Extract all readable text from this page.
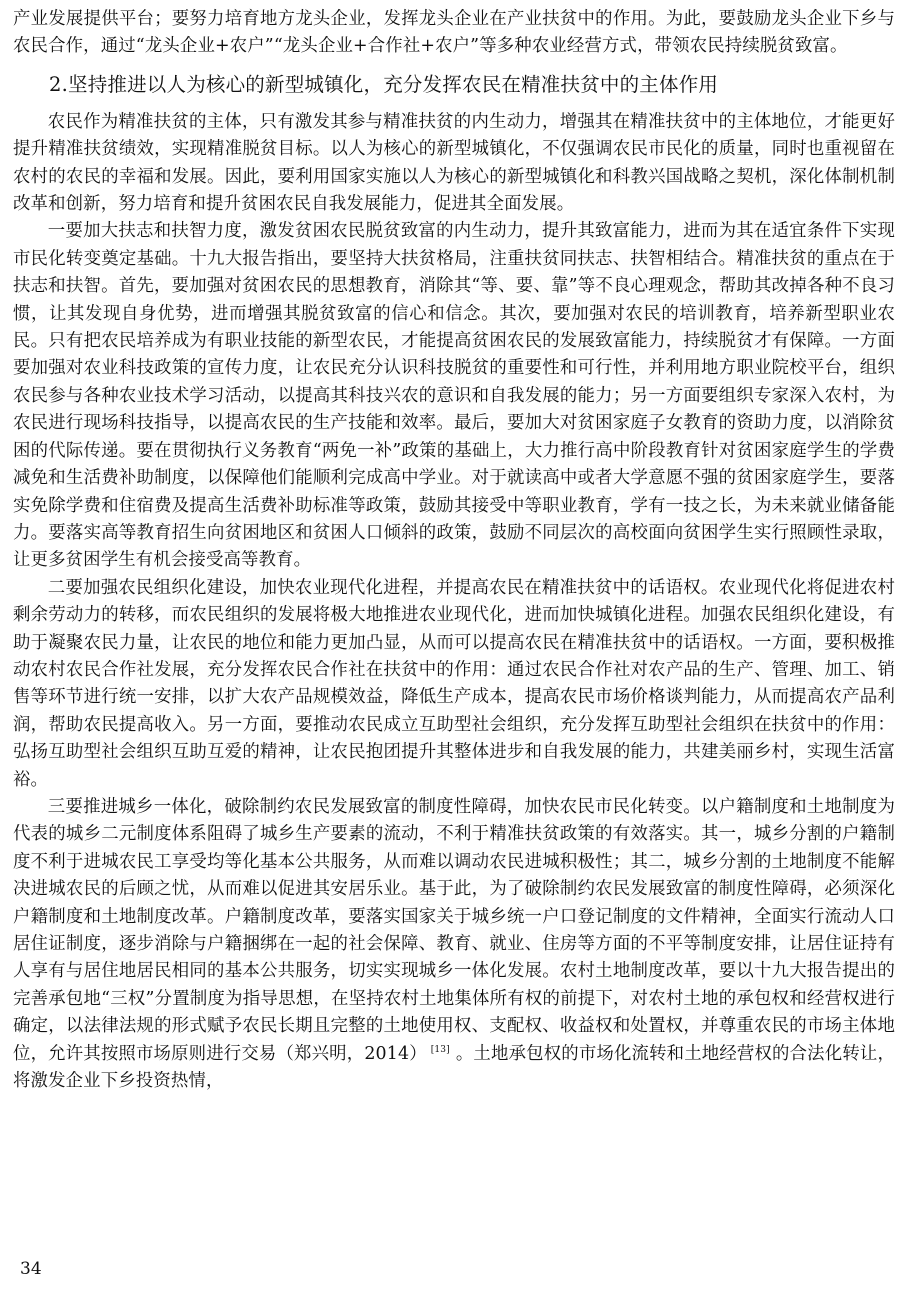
产业发展提供平台；要努力培育地方龙头企业，发挥龙头企业在产业扶贫中的作用。为此，要鼓励龙头企业下乡与农民合作，通过“龙头企业+农户”“龙头企业+合作社+农户”等多种农业经营方式，带领农民持续脱贫致富。

2.坚持推进以人为核心的新型城镇化，充分发挥农民在精准扶贫中的主体作用

农民作为精准扶贫的主体，只有激发其参与精准扶贫的内生动力，增强其在精准扶贫中的主体地位，才能更好提升精准扶贫绩效，实现精准脱贫目标。以人为核心的新型城镇化，不仅强调农民市民化的质量，同时也重视留在农村的农民的幸福和发展。因此，要利用国家实施以人为核心的新型城镇化和科教兴国战略之契机，深化体制机制改革和创新，努力培育和提升贫困农民自我发展能力，促进其全面发展。

一要加大扶志和扶智力度，激发贫困农民脱贫致富的内生动力，提升其致富能力，进而为其在适宜条件下实现市民化转变奠定基础。十九大报告指出，要坚持大扶贫格局，注重扶贫同扶志、扶智相结合。精准扶贫的重点在于扶志和扶智。首先，要加强对贫困农民的思想教育，消除其“等、要、靠”等不良心理观念，帮助其改掉各种不良习惯，让其发现自身优势，进而增强其脱贫致富的信心和信念。其次，要加强对农民的培训教育，培养新型职业农民。只有把农民培养成为有职业技能的新型农民，才能提高贫困农民的发展致富能力，持续脱贫才有保障。一方面要加强对农业科技政策的宣传力度，让农民充分认识科技脱贫的重要性和可行性，并利用地方职业院校平台，组织农民参与各种农业技术学习活动，以提高其科技兴农的意识和自我发展的能力；另一方面要组织专家深入农村，为农民进行现场科技指导，以提高农民的生产技能和效率。最后，要加大对贫困家庭子女教育的资助力度，以消除贫困的代际传递。要在贯彻执行义务教育“两免一补”政策的基础上，大力推行高中阶段教育针对贫困家庭学生的学费减免和生活费补助制度，以保障他们能顺利完成高中学业。对于就读高中或者大学意愿不强的贫困家庭学生，要落实免除学费和住宿费及提高生活费补助标准等政策，鼓励其接受中等职业教育，学有一技之长，为未来就业储备能力。要落实高等教育招生向贫困地区和贫困人口倾斜的政策，鼓励不同层次的高校面向贫困学生实行照顾性录取，让更多贫困学生有机会接受高等教育。

二要加强农民组织化建设，加快农业现代化进程，并提高农民在精准扶贫中的话语权。农业现代化将促进农村剩余劳动力的转移，而农民组织的发展将极大地推进农业现代化，进而加快城镇化进程。加强农民组织化建设，有助于凝聚农民力量，让农民的地位和能力更加凸显，从而可以提高农民在精准扶贫中的话语权。一方面，要积极推动农村农民合作社发展，充分发挥农民合作社在扶贫中的作用：通过农民合作社对农产品的生产、管理、加工、销售等环节进行统一安排，以扩大农产品规模效益，降低生产成本，提高农民市场价格谈判能力，从而提高农产品利润，帮助农民提高收入。另一方面，要推动农民成立互助型社会组织，充分发挥互助型社会组织在扶贫中的作用：弘扬互助型社会组织互助互爱的精神，让农民抱团提升其整体进步和自我发展的能力，共建美丽乡村，实现生活富裕。

三要推进城乡一体化，破除制约农民发展致富的制度性障碍，加快农民市民化转变。以户籍制度和土地制度为代表的城乡二元制度体系阻碍了城乡生产要素的流动，不利于精准扶贫政策的有效落实。其一，城乡分割的户籍制度不利于进城农民工享受均等化基本公共服务，从而难以调动农民进城积极性；其二，城乡分割的土地制度不能解决进城农民的后顾之忧，从而难以促进其安居乐业。基于此，为了破除制约农民发展致富的制度性障碍，必须深化户籍制度和土地制度改革。户籍制度改革，要落实国家关于城乡统一户口登记制度的文件精神，全面实行流动人口居住证制度，逐步消除与户籍捆绑在一起的社会保障、教育、就业、住房等方面的不平等制度安排，让居住证持有人享有与居住地居民相同的基本公共服务，切实实现城乡一体化发展。农村土地制度改革，要以十九大报告提出的完善承包地“三权”分置制度为指导思想，在坚持农村土地集体所有权的前提下，对农村土地的承包权和经营权进行确定，以法律法规的形式赋予农民长期且完整的土地使用权、支配权、收益权和处置权，并尊重农民的市场主体地位，允许其按照市场原则进行交易（郑兴明，2014） [13] 。土地承包权的市场化流转和土地经营权的合法化转让，将激发企业下乡投资热情，

34
